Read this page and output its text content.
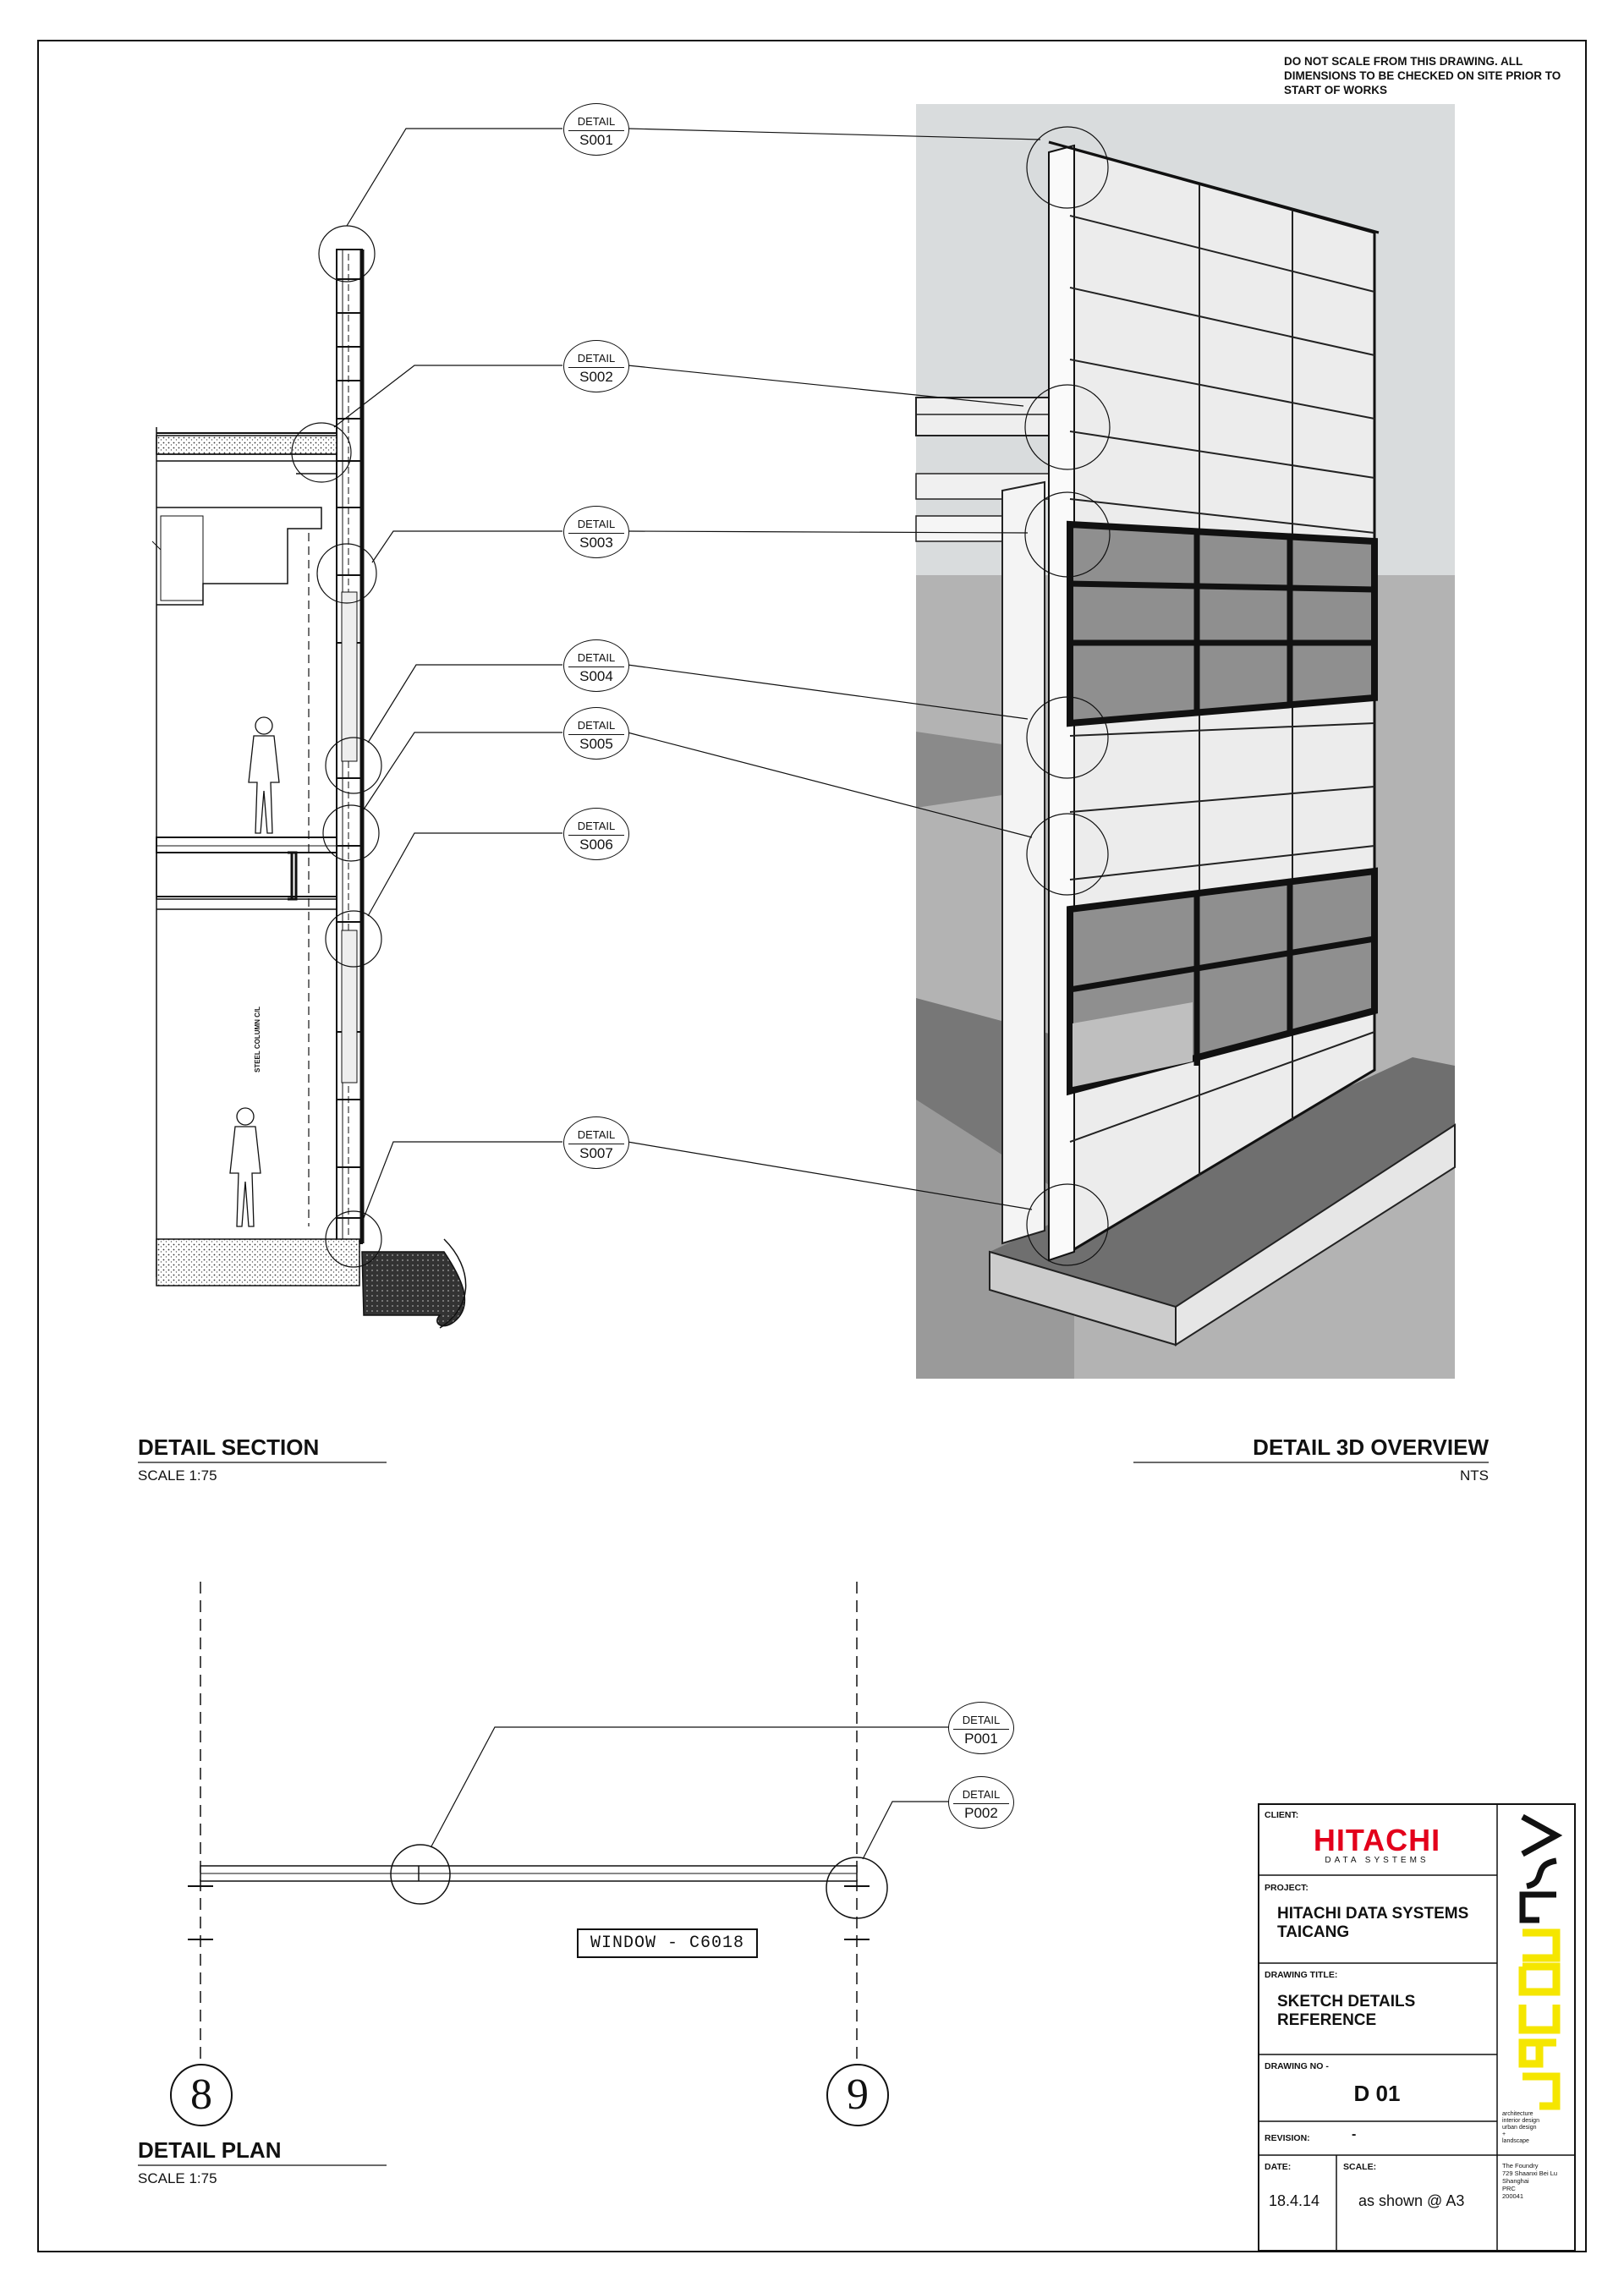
DO NOT SCALE FROM THIS DRAWING. ALL DIMENSIONS TO BE CHECKED ON SITE PRIOR TO START OF WORKS
DETAIL
S001
DETAIL
S002
DETAIL
S003
DETAIL
S004
DETAIL
S005
DETAIL
S006
DETAIL
S007
DETAIL
P001
DETAIL
P002
STEEL COLUMN C/L
DETAIL SECTION
SCALE 1:75
DETAIL 3D OVERVIEW
NTS
DETAIL PLAN
SCALE 1:75
8	9
WINDOW - C6018
CLIENT:
HITACHI
DATA SYSTEMS
PROJECT:
HITACHI DATA SYSTEMS
TAICANG
DRAWING TITLE:
SKETCH DETAILS
REFERENCE
DRAWING NO -
D 01
REVISION:	-
DATE:
18.4.14
SCALE:
as shown @ A3
architecture
interior design
urban design
+
landscape
The Foundry
729 Shaanxi Bei Lu
Shanghai
PRC
200041
